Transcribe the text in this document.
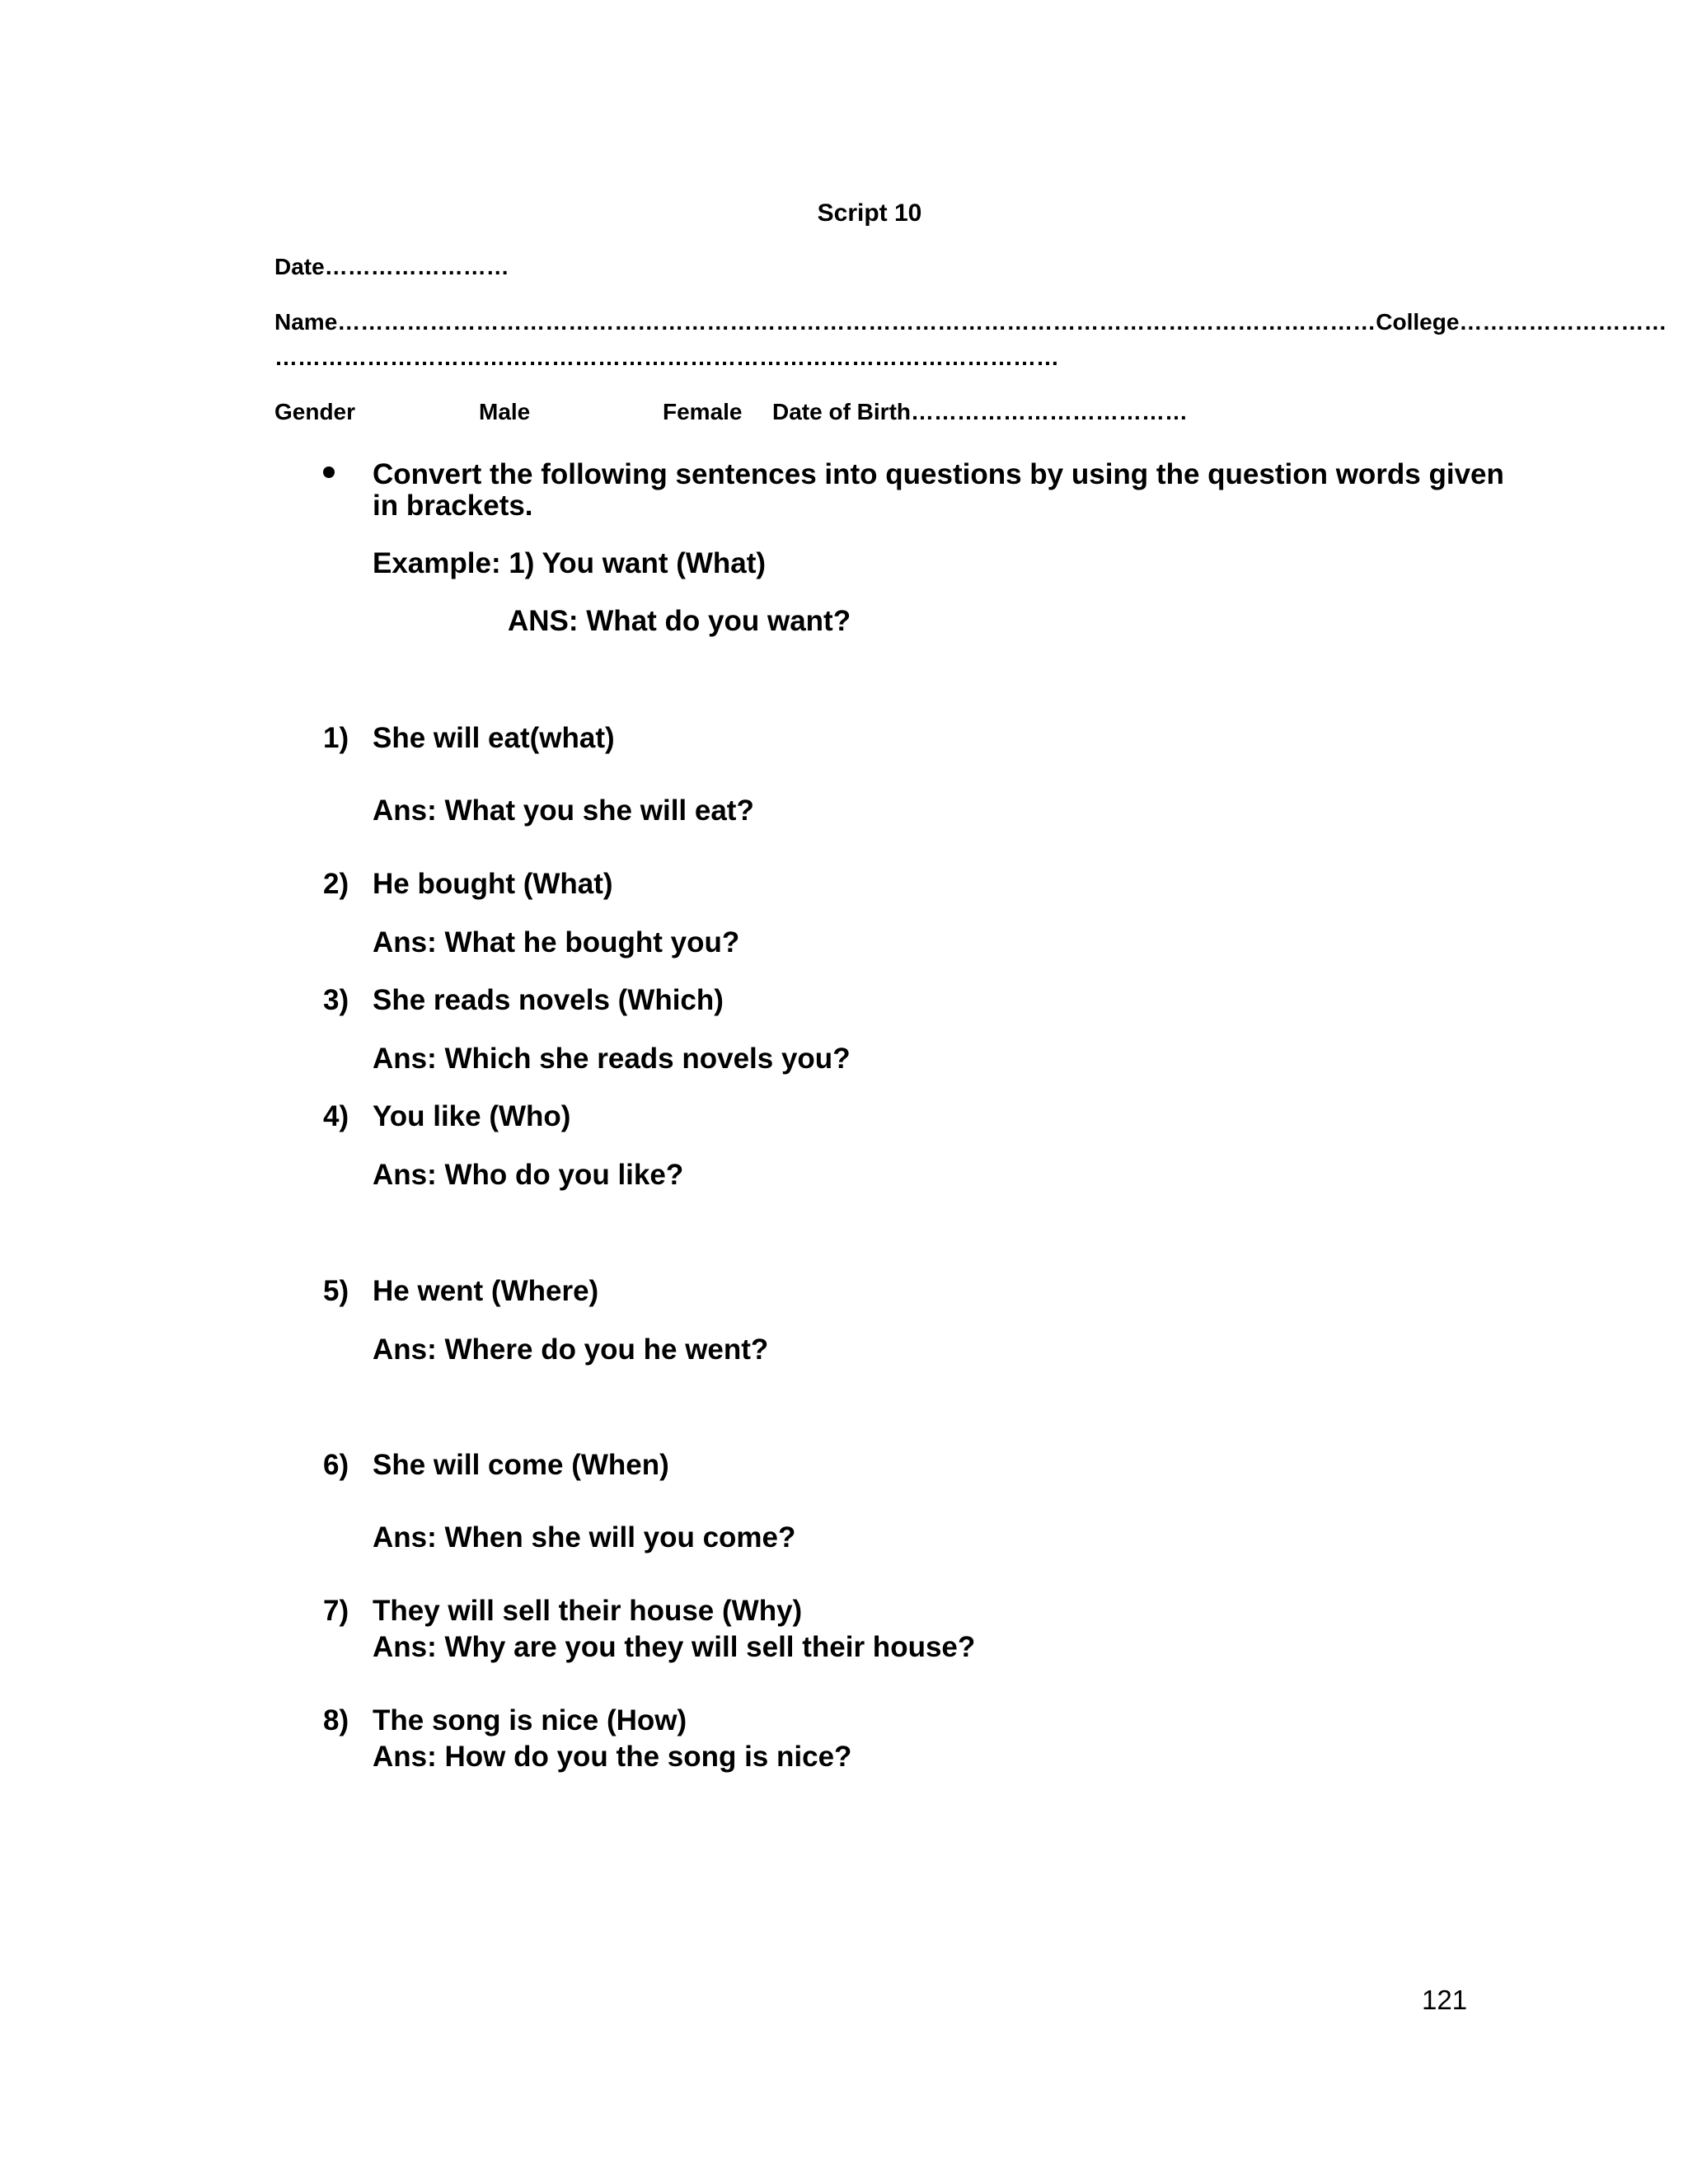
Script 10
Date……………………
Name………………………………………………………………………………………………………………………College………………………
…………………………………………………………………………………………
Gender	Male	Female Date of Birth………………………………
Convert the following sentences into questions by using the question words given
in brackets.
Example: 1) You want (What)
ANS: What do you want?
1) She will eat(what)
Ans: What you she will eat?
2) He bought (What)
Ans: What he bought you?
3) She reads novels (Which)
Ans: Which she reads novels you?
4) You like (Who)
Ans: Who do you like?
5) He went (Where)
Ans: Where do you he went?
6) She will come (When)
Ans: When she will you come?
7) They will sell their house (Why)
Ans: Why are you they will sell their house?
8) The song is nice (How)
Ans: How do you the song is nice?
121
